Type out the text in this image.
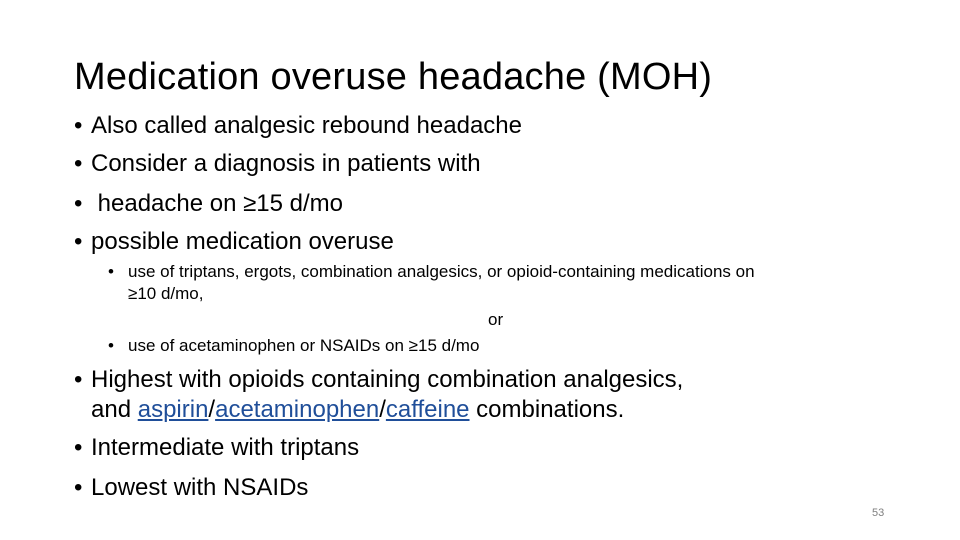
Medication overuse headache (MOH)
• Also called analgesic rebound headache
• Consider a diagnosis in patients with
• headache on ≥15 d/mo
• possible medication overuse
• use of triptans, ergots, combination analgesics, or opioid-containing medications on
≥10 d/mo,
or
• use of acetaminophen or NSAIDs on ≥15 d/mo
• Highest with opioids containing combination analgesics,
and aspirin/acetaminophen/caffeine combinations.
• Intermediate with triptans
• Lowest with NSAIDs
53
